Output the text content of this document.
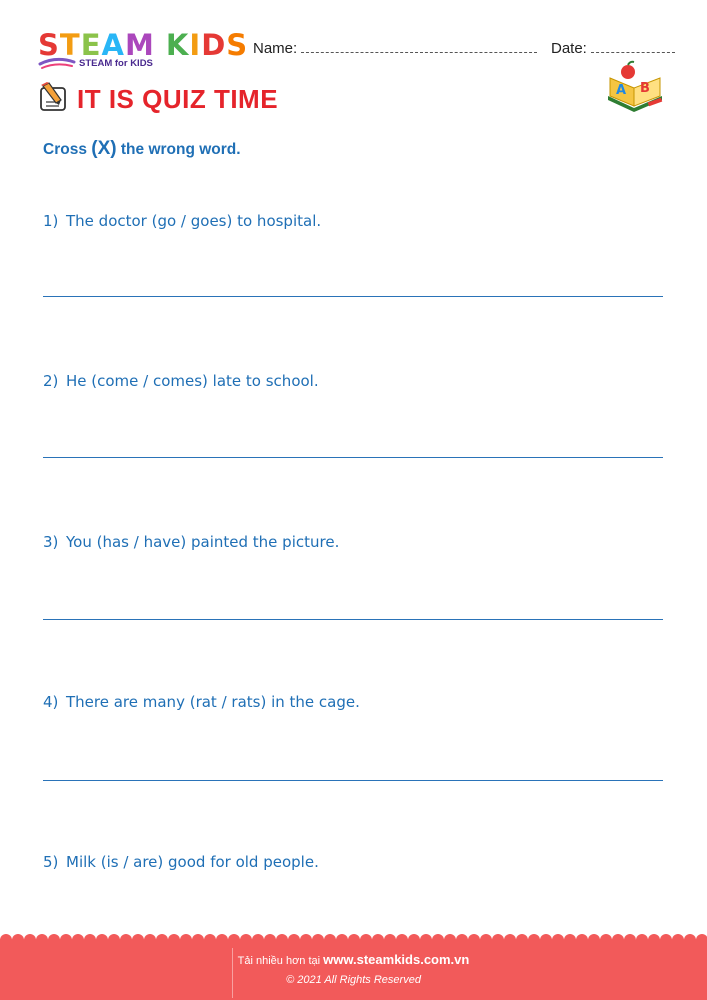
STEAM KIDS
STEAM for KIDS
Name:	Date:
IT IS QUIZ TIME	A B
Cross (X) the wrong word.
1) The doctor (go / goes) to hospital.
2) He (come / comes) late to school.
3) You (has / have) painted the picture.
4) There are many (rat / rats) in the cage.
5) Milk (is / are) good for old people.
Tải nhiều hơn tại www.steamkids.com.vn
© 2021 All Rights Reserved
